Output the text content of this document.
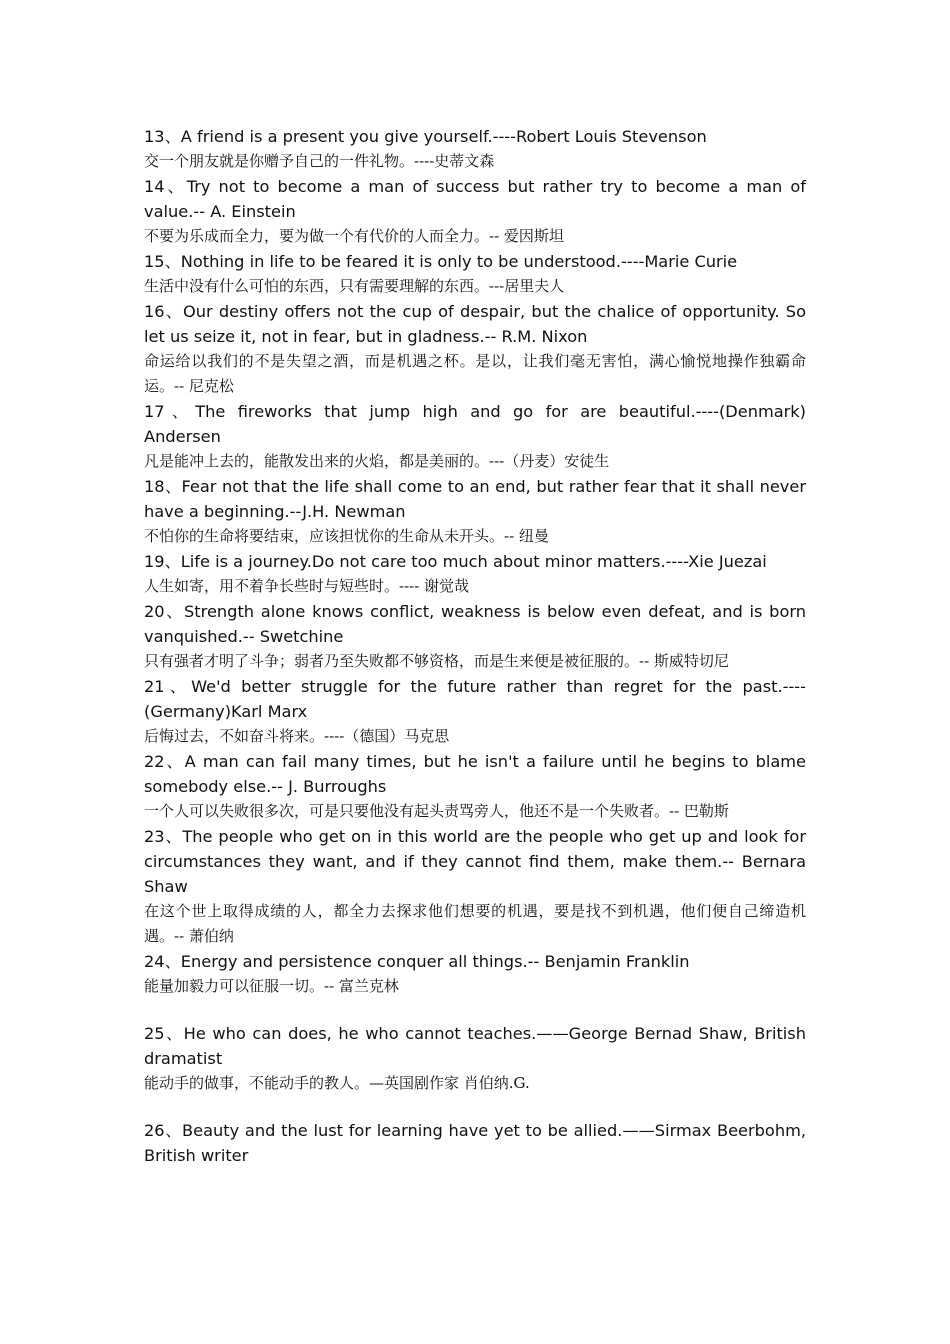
13、A friend is a present you give yourself.----Robert Louis Stevenson

交一个朋友就是你赠予自己的一件礼物。----史蒂文森

14、Try not to become a man of success but rather try to become a man of value.-- A. Einstein

不要为乐成而全力，要为做一个有代价的人而全力。-- 爱因斯坦

15、Nothing in life to be feared it is only to be understood.----Marie Curie

生活中没有什么可怕的东西，只有需要理解的东西。---居里夫人

16、Our destiny offers not the cup of despair, but the chalice of opportunity. So let us seize it, not in fear, but in gladness.-- R.M. Nixon

命运给以我们的不是失望之酒，而是机遇之杯。是以，让我们毫无害怕，满心愉悦地操作独霸命运。-- 尼克松

17、The fireworks that jump high and go for are beautiful.----(Denmark) Andersen

凡是能冲上去的，能散发出来的火焰，都是美丽的。---（丹麦）安徒生

18、Fear not that the life shall come to an end, but rather fear that it shall never have a beginning.--J.H. Newman

不怕你的生命将要结束，应该担忧你的生命从未开头。-- 纽曼

19、Life is a journey.Do not care too much about minor matters.----Xie Juezai

人生如寄，用不着争长些时与短些时。---- 谢觉哉

20、Strength alone knows conflict, weakness is below even defeat, and is born vanquished.-- Swetchine

只有强者才明了斗争；弱者乃至失败都不够资格，而是生来便是被征服的。-- 斯威特切尼

21、We'd better struggle for the future rather than regret for the past.----(Germany)Karl Marx

后悔过去，不如奋斗将来。----（德国）马克思

22、A man can fail many times, but he isn't a failure until he begins to blame somebody else.-- J. Burroughs

一个人可以失败很多次，可是只要他没有起头责骂旁人，他还不是一个失败者。-- 巴勒斯

23、The people who get on in this world are the people who get up and look for circumstances they want, and if they cannot find them, make them.-- Bernara Shaw

在这个世上取得成绩的人，都全力去探求他们想要的机遇，要是找不到机遇，他们便自己缔造机遇。-- 萧伯纳

24、Energy and persistence conquer all things.-- Benjamin Franklin

能量加毅力可以征服一切。-- 富兰克林

25、He who can does, he who cannot teaches.——George Bernad Shaw, British dramatist

能动手的做事，不能动手的教人。—英国剧作家 肖伯纳.G.

26、Beauty and the lust for learning have yet to be allied.——Sirmax Beerbohm, British writer
